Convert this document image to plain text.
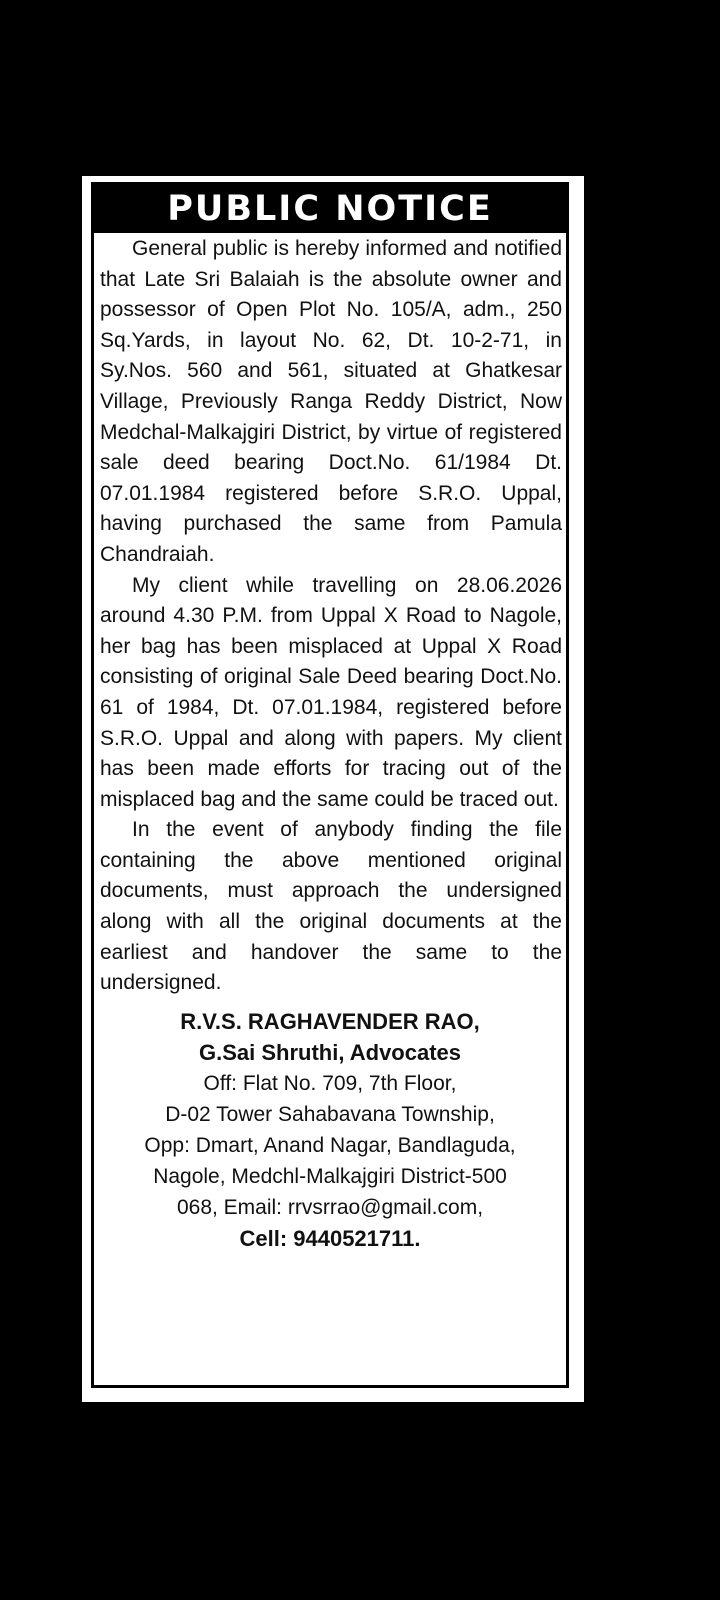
PUBLIC NOTICE

General public is hereby informed and notified that Late Sri Balaiah is the absolute owner and possessor of Open Plot No. 105/A, adm., 250 Sq.Yards, in layout No. 62, Dt. 10-2-71, in Sy.Nos. 560 and 561, situated at Ghatkesar Village, Previously Ranga Reddy District, Now Medchal-Malkajgiri District, by virtue of registered sale deed bearing Doct.No. 61/1984 Dt. 07.01.1984 registered before S.R.O. Uppal, having purchased the same from Pamula Chandraiah.

My client while travelling on 28.06.2026 around 4.30 P.M. from Uppal X Road to Nagole, her bag has been misplaced at Uppal X Road consisting of original Sale Deed bearing Doct.No. 61 of 1984, Dt. 07.01.1984, registered before S.R.O. Uppal and along with papers. My client has been made efforts for tracing out of the misplaced bag and the same could be traced out.

In the event of anybody finding the file containing the above mentioned original documents, must approach the undersigned along with all the original documents at the earliest and handover the same to the undersigned.

R.V.S. RAGHAVENDER RAO,
G.Sai Shruthi, Advocates
Off: Flat No. 709, 7th Floor,
D-02 Tower Sahabavana Township,
Opp: Dmart, Anand Nagar, Bandlaguda,
Nagole, Medchl-Malkajgiri District-500
068, Email: rrvsrrao@gmail.com,
Cell: 9440521711.
